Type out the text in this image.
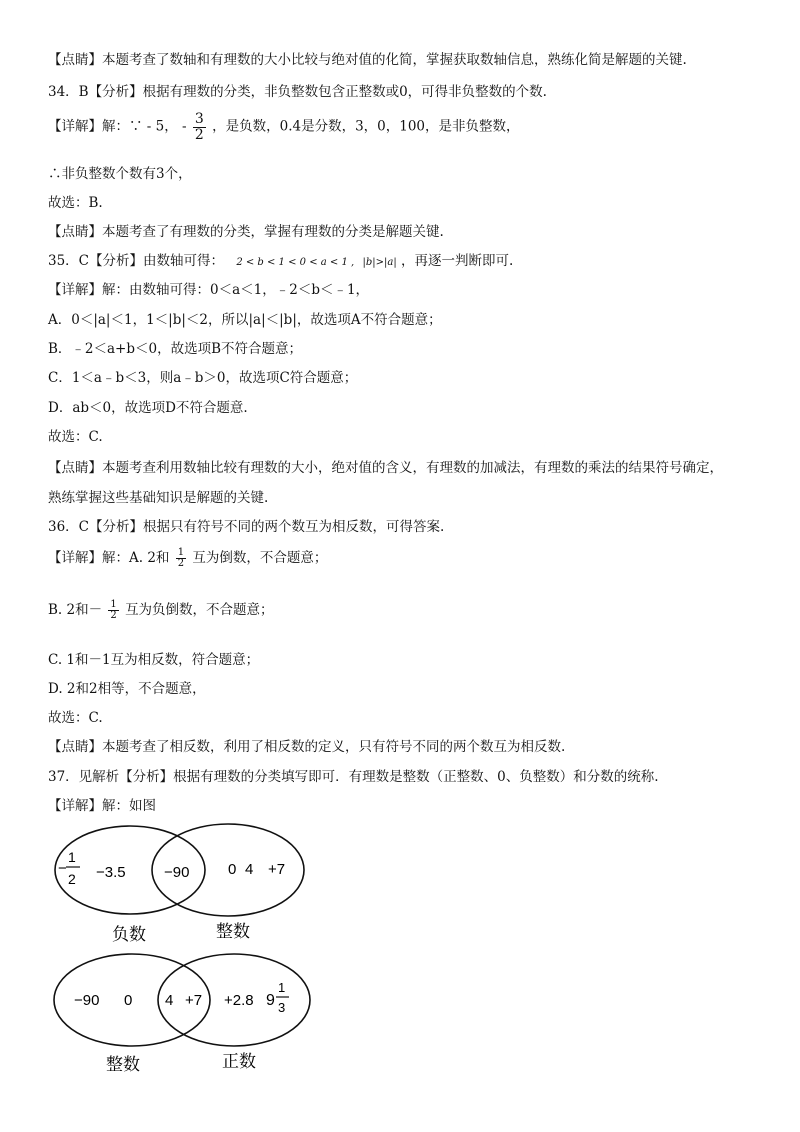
【点睛】本题考查了数轴和有理数的大小比较与绝对值的化简，掌握获取数轴信息，熟练化简是解题的关键.
34．B【分析】根据有理数的分类，非负整数包含正整数或0，可得非负整数的个数.
【详解】解：∵ - 5， - $\frac{3}{2}$ ，是负数，0.4是分数，3，0，100，是非负整数，
∴非负整数个数有3个，
故选：B.
【点睛】本题考查了有理数的分类，掌握有理数的分类是解题关键.
35．C【分析】由数轴可得： 2 < b < 1 < 0 < a < 1 , |b|>|a| ，再逐一判断即可.
【详解】解：由数轴可得：0＜a＜1，﹣2＜b＜﹣1，
A．0＜|a|＜1，1＜|b|＜2，所以|a|＜|b|，故选项A不符合题意；
B．﹣2＜a+b＜0，故选项B不符合题意；
C．1＜a﹣b＜3，则a﹣b＞0，故选项C符合题意；
D．ab＜0，故选项D不符合题意.
故选：C.
【点睛】本题考查利用数轴比较有理数的大小，绝对值的含义，有理数的加减法，有理数的乘法的结果符号确定，
熟练掌握这些基础知识是解题的关键.
36．C【分析】根据只有符号不同的两个数互为相反数，可得答案.
【详解】解：A. 2和 $\frac{1}{2}$ 互为倒数，不合题意；
B. 2和－ $\frac{1}{2}$ 互为负倒数，不合题意；
C. 1和－1互为相反数，符合题意；
D. 2和2相等，不合题意，
故选：C.
【点睛】本题考查了相反数，利用了相反数的定义，只有符号不同的两个数互为相反数.
37．见解析【分析】根据有理数的分类填写即可．有理数是整数（正整数、0、负整数）和分数的统称.
【详解】解：如图
−
1
2 −3.5	−90	0 4 +7
负数	整数
−90 0 4 +7 +2.8 9
1
3
整数	正数
